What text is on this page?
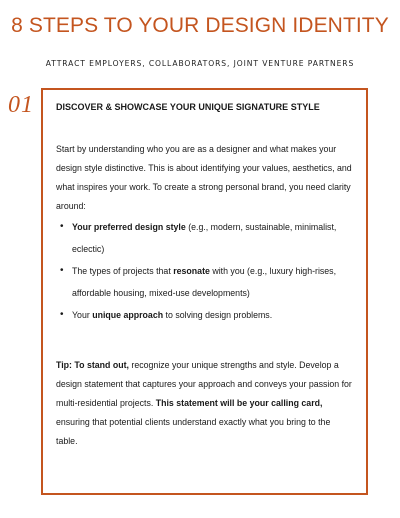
8 STEPS TO YOUR DESIGN IDENTITY
ATTRACT EMPLOYERS, COLLABORATORS, JOINT VENTURE PARTNERS
01 DISCOVER & SHOWCASE YOUR UNIQUE SIGNATURE STYLE

Start by understanding who you are as a designer and what makes your design style distinctive. This is about identifying your values, aesthetics, and what inspires your work. To create a strong personal brand, you need clarity around:

• Your preferred design style (e.g., modern, sustainable, minimalist, eclectic)
• The types of projects that resonate with you (e.g., luxury high-rises, affordable housing, mixed-use developments)
• Your unique approach to solving design problems.

Tip: To stand out, recognize your unique strengths and style. Develop a design statement that captures your approach and conveys your passion for multi-residential projects. This statement will be your calling card, ensuring that potential clients understand exactly what you bring to the table.
